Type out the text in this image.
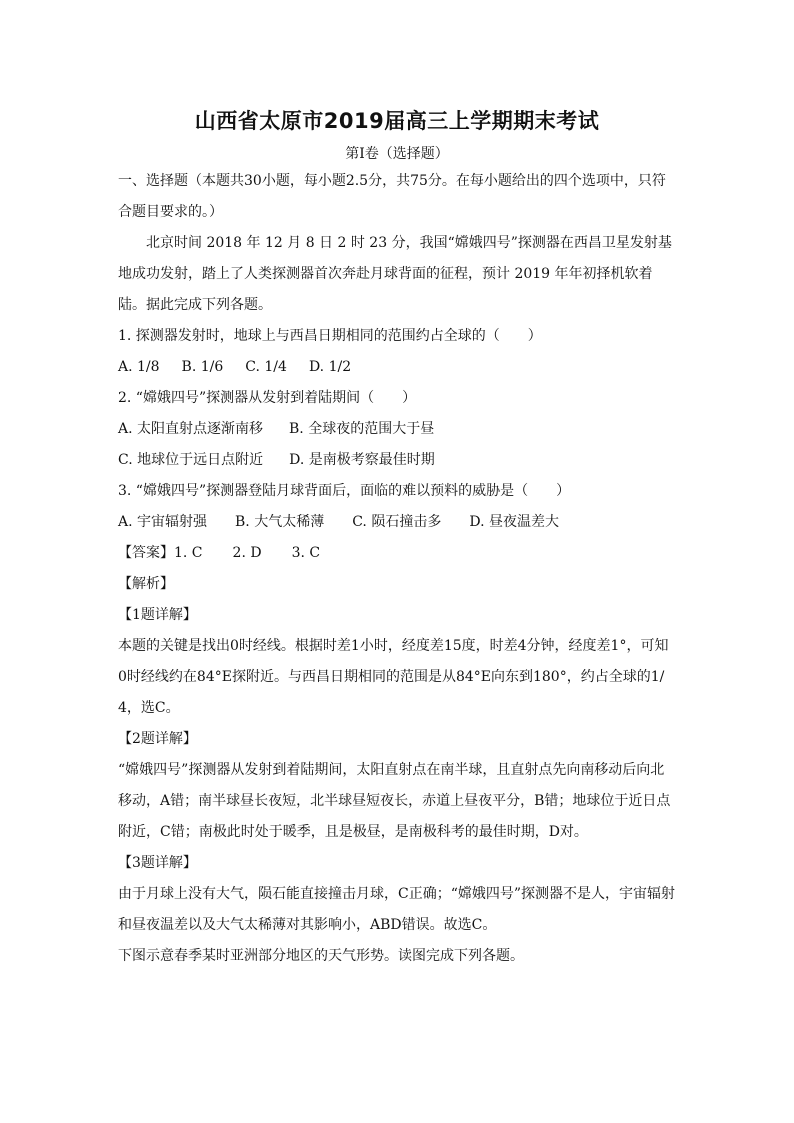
山西省太原市2019届高三上学期期末考试

第Ⅰ卷（选择题）

一、选择题（本题共30小题，每小题2.5分，共75分。在每小题给出的四个选项中，只符合题目要求的。）

北京时间 2018 年 12 月 8 日 2 时 23 分，我国“嫦娥四号”探测器在西昌卫星发射基地成功发射，踏上了人类探测器首次奔赴月球背面的征程，预计 2019 年年初择机软着陆。据此完成下列各题。

1. 探测器发射时，地球上与西昌日期相同的范围约占全球的（　　）

A. 1/8 B. 1/6 C. 1/4 D. 1/2

2. “嫦娥四号”探测器从发射到着陆期间（　　）

A. 太阳直射点逐渐南移 B. 全球夜的范围大于昼
C. 地球位于远日点附近 D. 是南极考察最佳时期

3. “嫦娥四号”探测器登陆月球背面后，面临的难以预料的威胁是（　　）

A. 宇宙辐射强 B. 大气太稀薄 C. 陨石撞击多 D. 昼夜温差大
【答案】1. C 2. D 3. C

【解析】

【1题详解】

本题的关键是找出0时经线。根据时差1小时，经度差15度，时差4分钟，经度差1°，可知0时经线约在84°E探附近。与西昌日期相同的范围是从84°E向东到180°，约占全球的1/4，选C。

【2题详解】

“嫦娥四号”探测器从发射到着陆期间，太阳直射点在南半球，且直射点先向南移动后向北移动，A错；南半球昼长夜短，北半球昼短夜长，赤道上昼夜平分，B错；地球位于近日点附近，C错；南极此时处于暖季，且是极昼，是南极科考的最佳时期，D对。

【3题详解】

由于月球上没有大气，陨石能直接撞击月球，C正确；“嫦娥四号”探测器不是人，宇宙辐射和昼夜温差以及大气太稀薄对其影响小，ABD错误。故选C。

下图示意春季某时亚洲部分地区的天气形势。读图完成下列各题。
